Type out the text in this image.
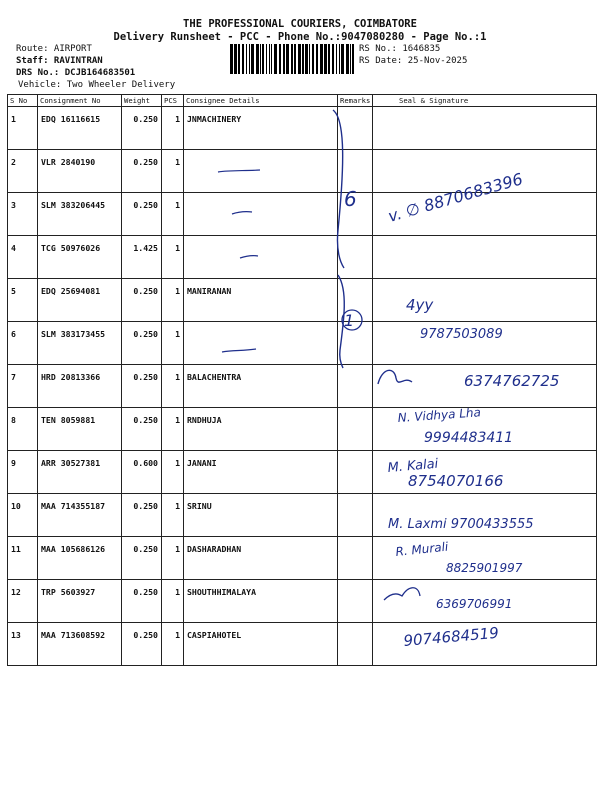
THE PROFESSIONAL COURIERS, COIMBATORE
Delivery Runsheet - PCC - Phone No.:9047080280 - Page No.:1
Route: AIRPORT
Staff: RAVINTRAN
DRS No.: DCJB164683501
Vehicle: Two Wheeler Delivery
RS No.: 1646835
RS Date: 25-Nov-2025
S No	Consignment No	Weight	PCS	Consignee Details	Remarks	Seal & Signature
1	EDQ 16116615	0.250	1	JNMACHINERY		
2	VLR 2840190	0.250	1			
3	SLM 383206445	0.250	1			
4	TCG 50976026	1.425	1			
5	EDQ 25694081	0.250	1	MANIRANAN		
6	SLM 383173455	0.250	1			
7	HRD 20813366	0.250	1	BALACHENTRA		
8	TEN 8059881	0.250	1	RNDHUJA		
9	ARR 30527381	0.600	1	JANANI		
10	MAA 714355187	0.250	1	SRINU		
11	MAA 105686126	0.250	1	DASHARADHAN		
12	TRP 5603927	0.250	1	SHOUTHHIMALAYA		
13	MAA 713608592	0.250	1	CASPIAHOTEL		
6
1
v. ∅ 8870683396
4yy
9787503089
6374762725
N. Vidhya Lha
9994483411
M. Kalai
8754070166
M. Laxmi 9700433555
R. Murali
8825901997
6369706991
9074684519
